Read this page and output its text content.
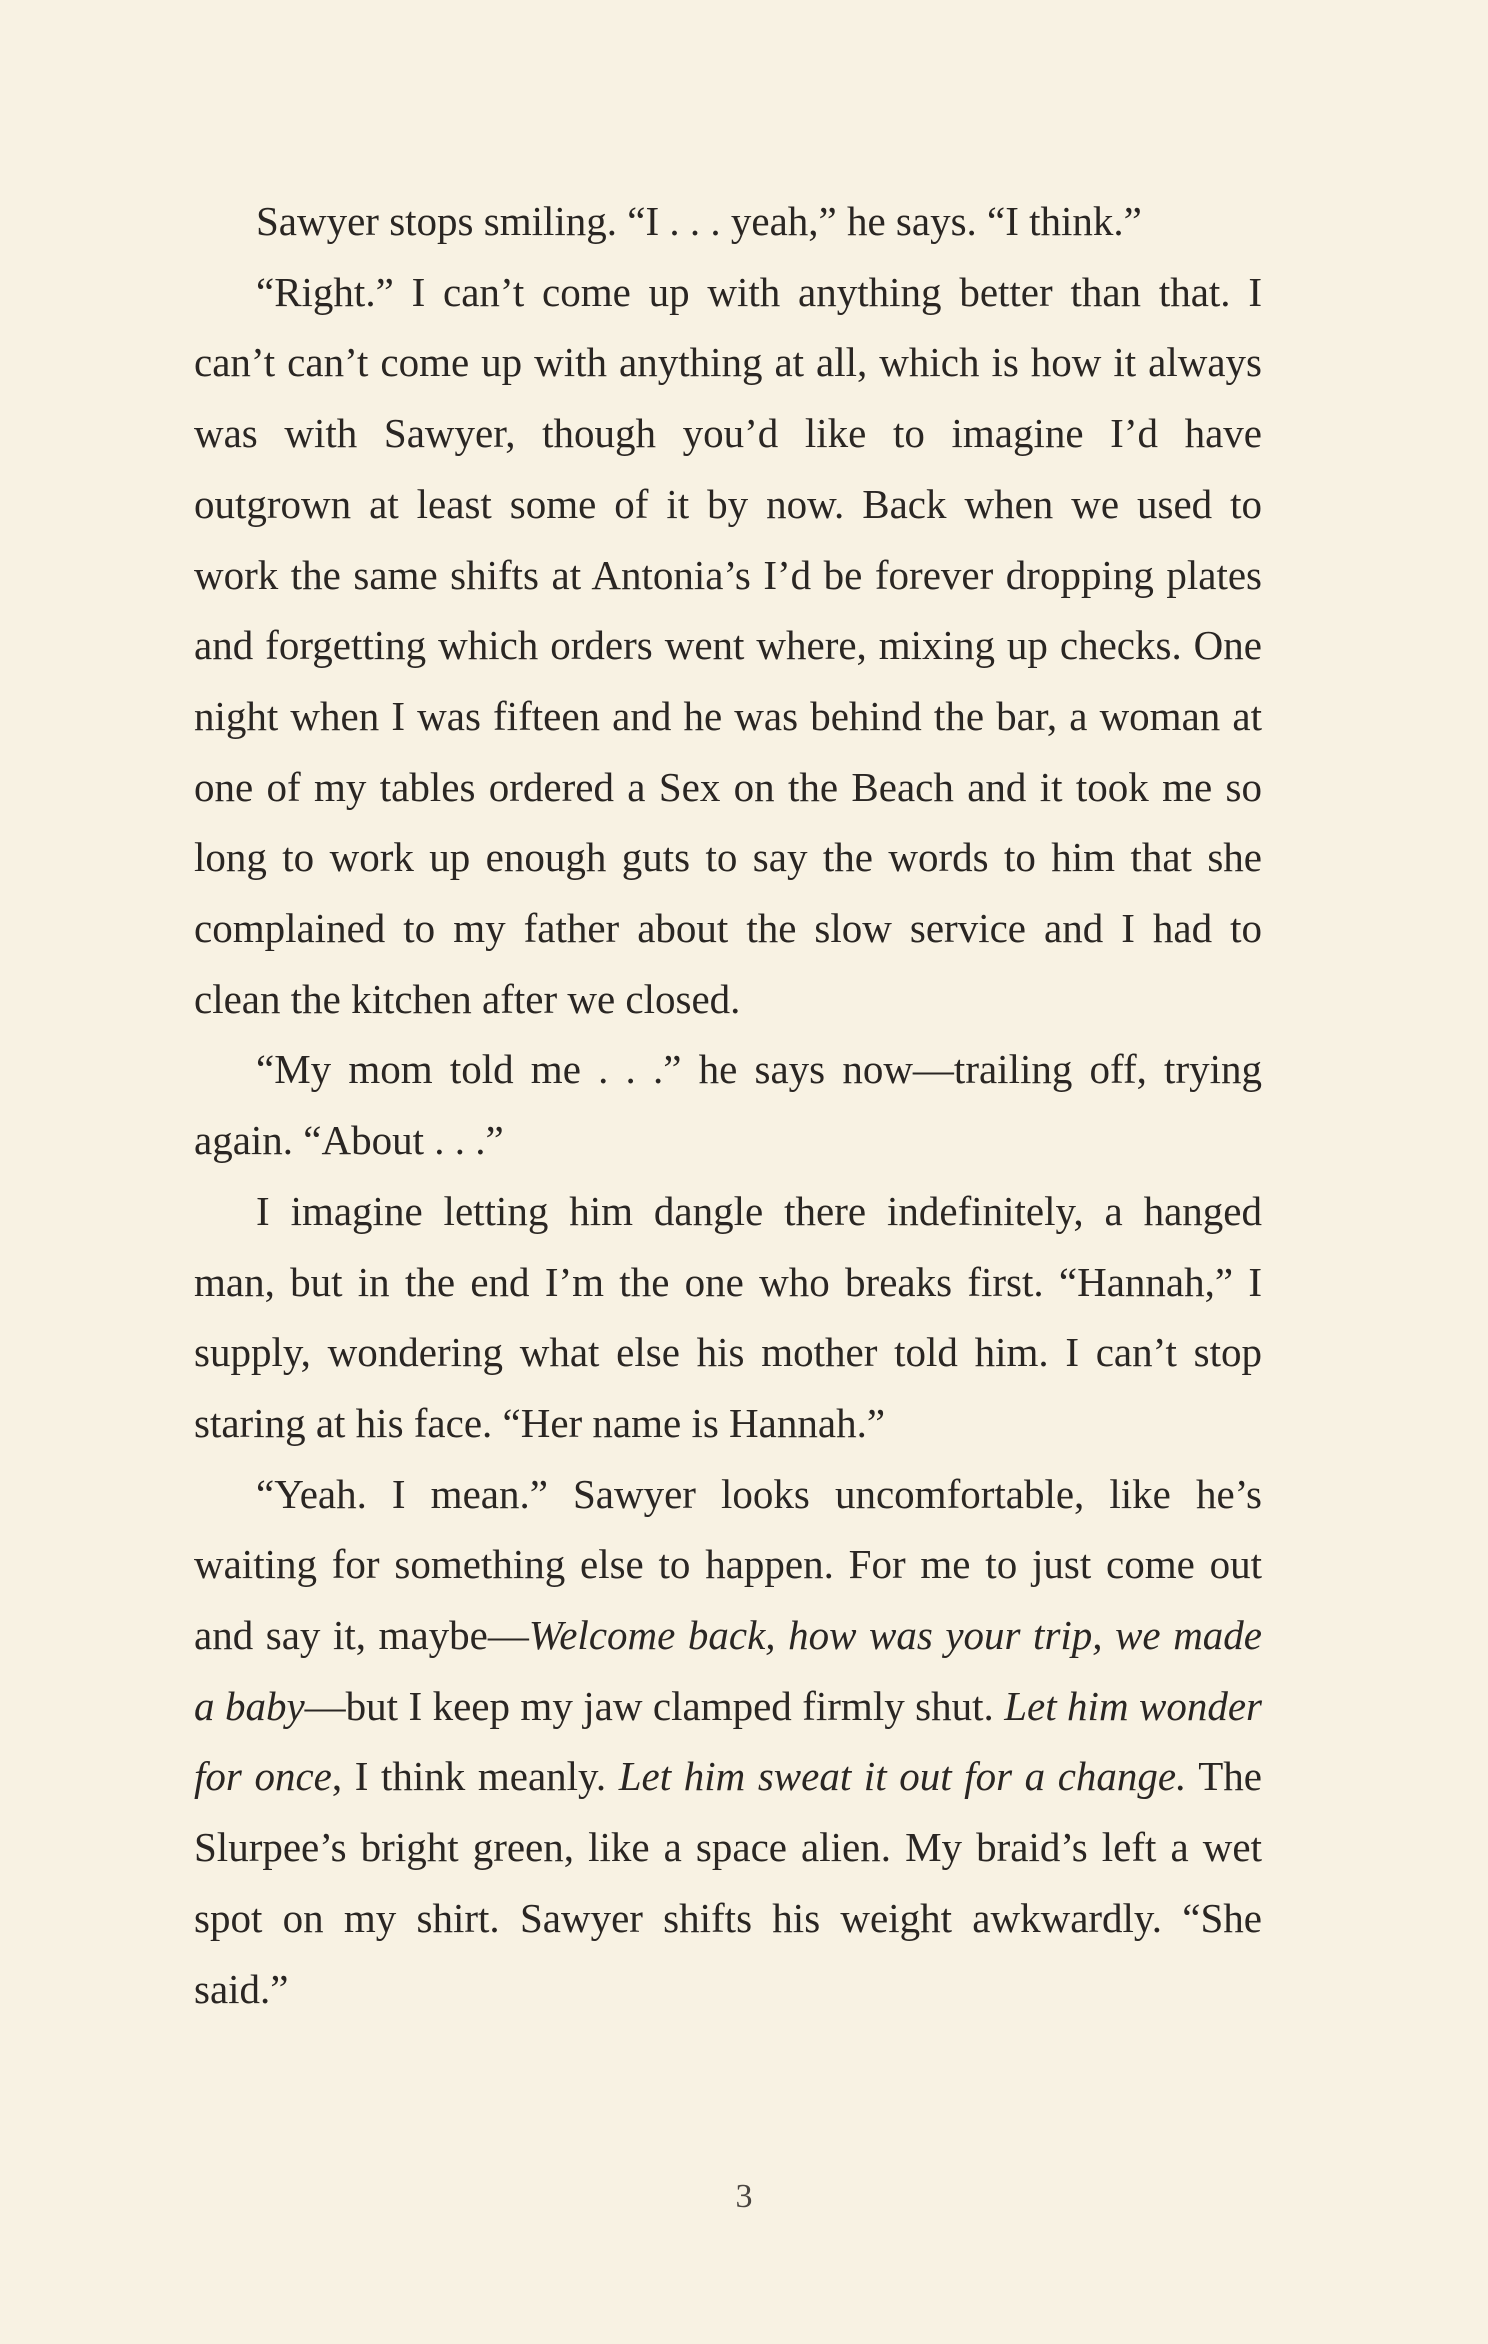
Sawyer stops smiling. “I . . . yeah,” he says. “I think.”

“Right.” I can’t come up with anything better than that. I can’t can’t come up with anything at all, which is how it always was with Sawyer, though you’d like to imagine I’d have outgrown at least some of it by now. Back when we used to work the same shifts at Antonia’s I’d be forever dropping plates and forgetting which orders went where, mixing up checks. One night when I was fifteen and he was behind the bar, a woman at one of my tables ordered a Sex on the Beach and it took me so long to work up enough guts to say the words to him that she complained to my father about the slow service and I had to clean the kitchen after we closed.

“My mom told me . . .” he says now—trailing off, trying again. “About . . .”

I imagine letting him dangle there indefinitely, a hanged man, but in the end I’m the one who breaks first. “Hannah,” I supply, wondering what else his mother told him. I can’t stop staring at his face. “Her name is Hannah.”

“Yeah. I mean.” Sawyer looks uncomfortable, like he’s waiting for something else to happen. For me to just come out and say it, maybe—Welcome back, how was your trip, we made a baby—but I keep my jaw clamped firmly shut. Let him wonder for once, I think meanly. Let him sweat it out for a change. The Slurpee’s bright green, like a space alien. My braid’s left a wet spot on my shirt. Sawyer shifts his weight awkwardly. “She said.”

3
